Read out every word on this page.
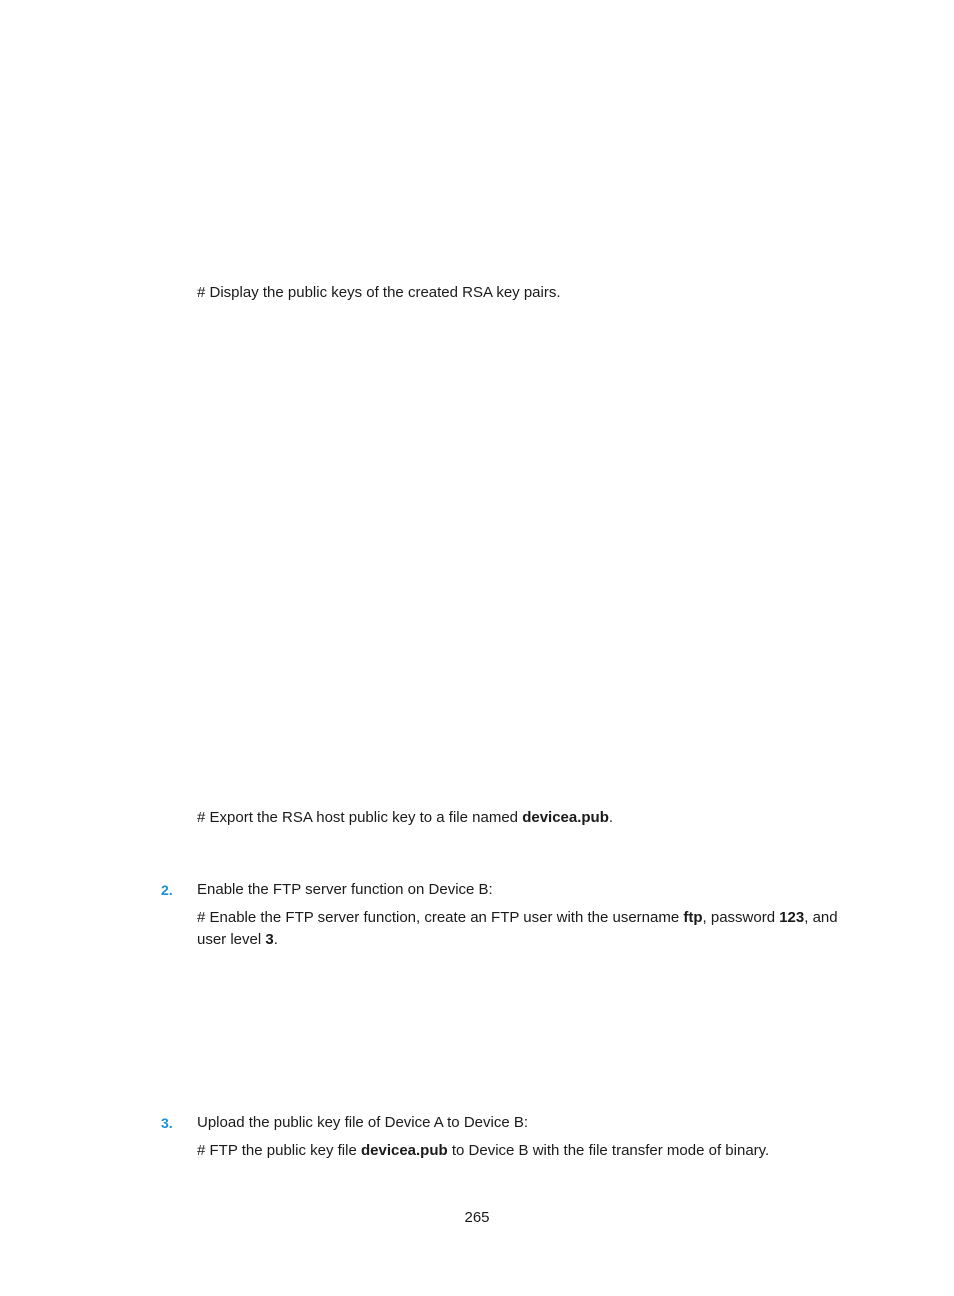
# Display the public keys of the created RSA key pairs.

# Export the RSA host public key to a file named devicea.pub.

2. Enable the FTP server function on Device B:

# Enable the FTP server function, create an FTP user with the username ftp, password 123, and user level 3.

3. Upload the public key file of Device A to Device B:

# FTP the public key file devicea.pub to Device B with the file transfer mode of binary.

265
